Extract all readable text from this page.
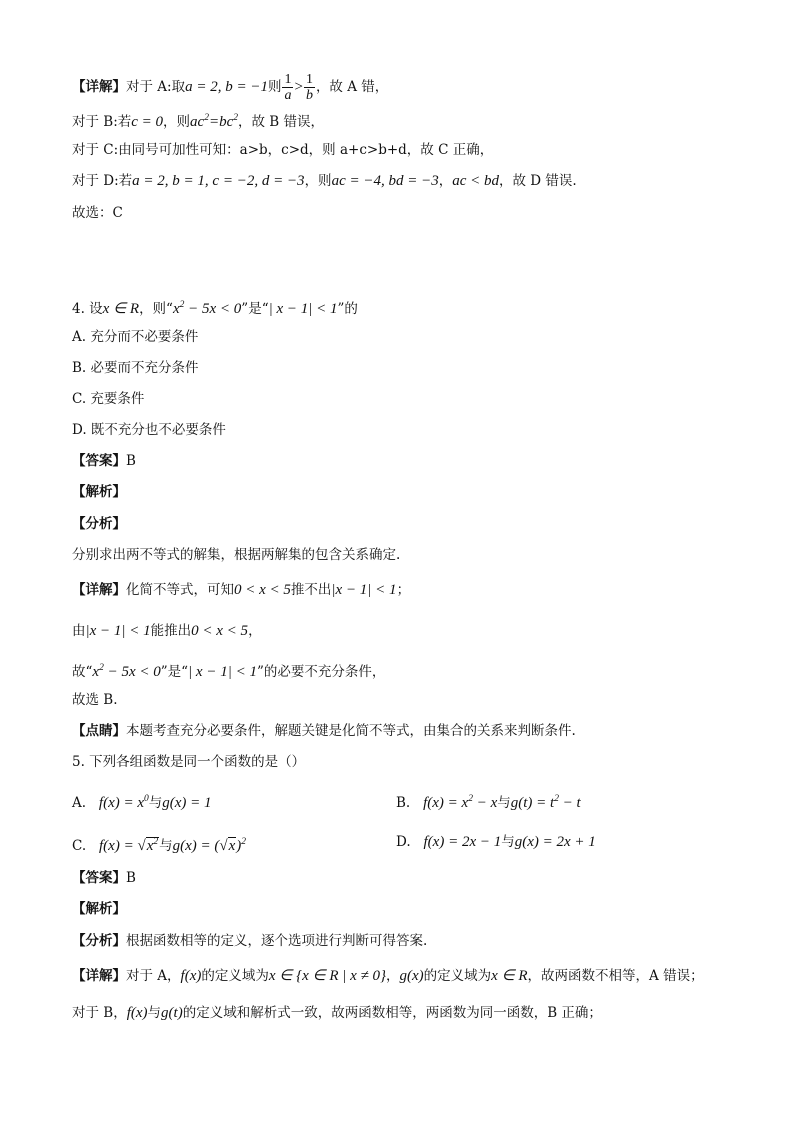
【详解】对于 A:取a = 2, b = −1则 $\frac{1}{a} > \frac{1}{b}$ ，故 A 错，
对于 B:若c = 0，则$ac^2=bc^2$，故 B 错误，
对于 C:由同号可加性可知：a>b，c>d，则 a+c>b+d，故 C 正确，
对于 D:若a = 2, b = 1, c = −2, d = −3，则ac = −4, bd = −3，ac < bd，故 D 错误.
故选：C
4. 设x ∈ R，则“$x^2 - 5x < 0$”是“| x − 1| < 1”的
A. 充分而不必要条件
B. 必要而不充分条件
C. 充要条件
D. 既不充分也不必要条件
【答案】B
【解析】
【分析】
分别求出两不等式的解集，根据两解集的包含关系确定.
【详解】化简不等式，可知0 < x < 5推不出|x − 1| < 1；
由|x − 1| < 1能推出0 < x < 5，
故“$x^2 - 5x < 0$”是“| x − 1| < 1”的必要不充分条件，
故选 B.
【点睛】本题考查充分必要条件，解题关键是化简不等式，由集合的关系来判断条件.
5. 下列各组函数是同一个函数的是（）
A. $f(x) = x^0$与g(x) = 1	B. $f(x) = x^2 - x$与$g(t) = t^2 - t$
C. $f(x) = √x^2$与$g(x) = (√x)^2$	D. f(x) = 2x − 1与g(x) = 2x + 1
【答案】B
【解析】
【分析】根据函数相等的定义，逐个选项进行判断可得答案.
【详解】对于 A，f(x)的定义域为x ∈ {x ∈ R | x ≠ 0}，g(x)的定义域为x ∈ R，故两函数不相等，A 错误；
对于 B，f(x)与g(t)的定义域和解析式一致，故两函数相等，两函数为同一函数，B 正确；
